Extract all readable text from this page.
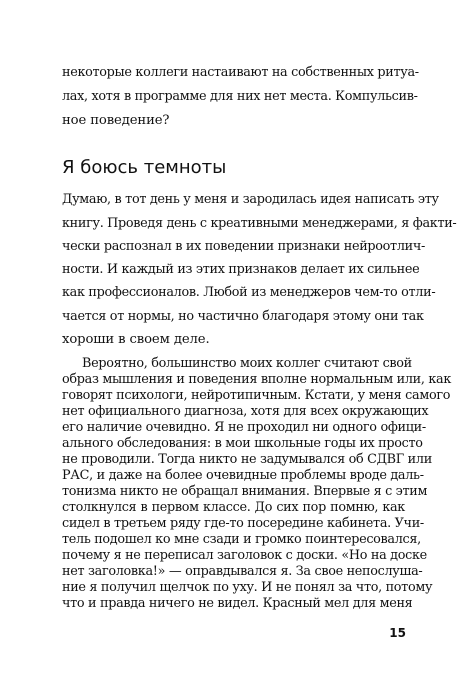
некоторые коллеги настаивают на собственных ритуа-
лах, хотя в программе для них нет места. Компульсив-
ное поведение?
Я боюсь темноты
Думаю, в тот день у меня и зародилась идея написать эту
книгу. Проведя день с креативными менеджерами, я факти-
чески распознал в их поведении признаки нейроотлич-
ности. И каждый из этих признаков делает их сильнее
как профессионалов. Любой из менеджеров чем-то отли-
чается от нормы, но частично благодаря этому они так
хороши в своем деле.
Вероятно, большинство моих коллег считают свой
образ мышления и поведения вполне нормальным или, как
говорят психологи, нейротипичным. Кстати, у меня самого
нет официального диагноза, хотя для всех окружающих
его наличие очевидно. Я не проходил ни одного офици-
ального обследования: в мои школьные годы их просто
не проводили. Тогда никто не задумывался об СДВГ или
РАС, и даже на более очевидные проблемы вроде даль-
тонизма никто не обращал внимания. Впервые я с этим
столкнулся в первом классе. До сих пор помню, как
сидел в третьем ряду где-то посередине кабинета. Учи-
тель подошел ко мне сзади и громко поинтересовался,
почему я не переписал заголовок с доски. «Но на доске
нет заголовка!» — оправдывался я. За свое непослуша-
ние я получил щелчок по уху. И не понял за что, потому
что и правда ничего не видел. Красный мел для меня
15
